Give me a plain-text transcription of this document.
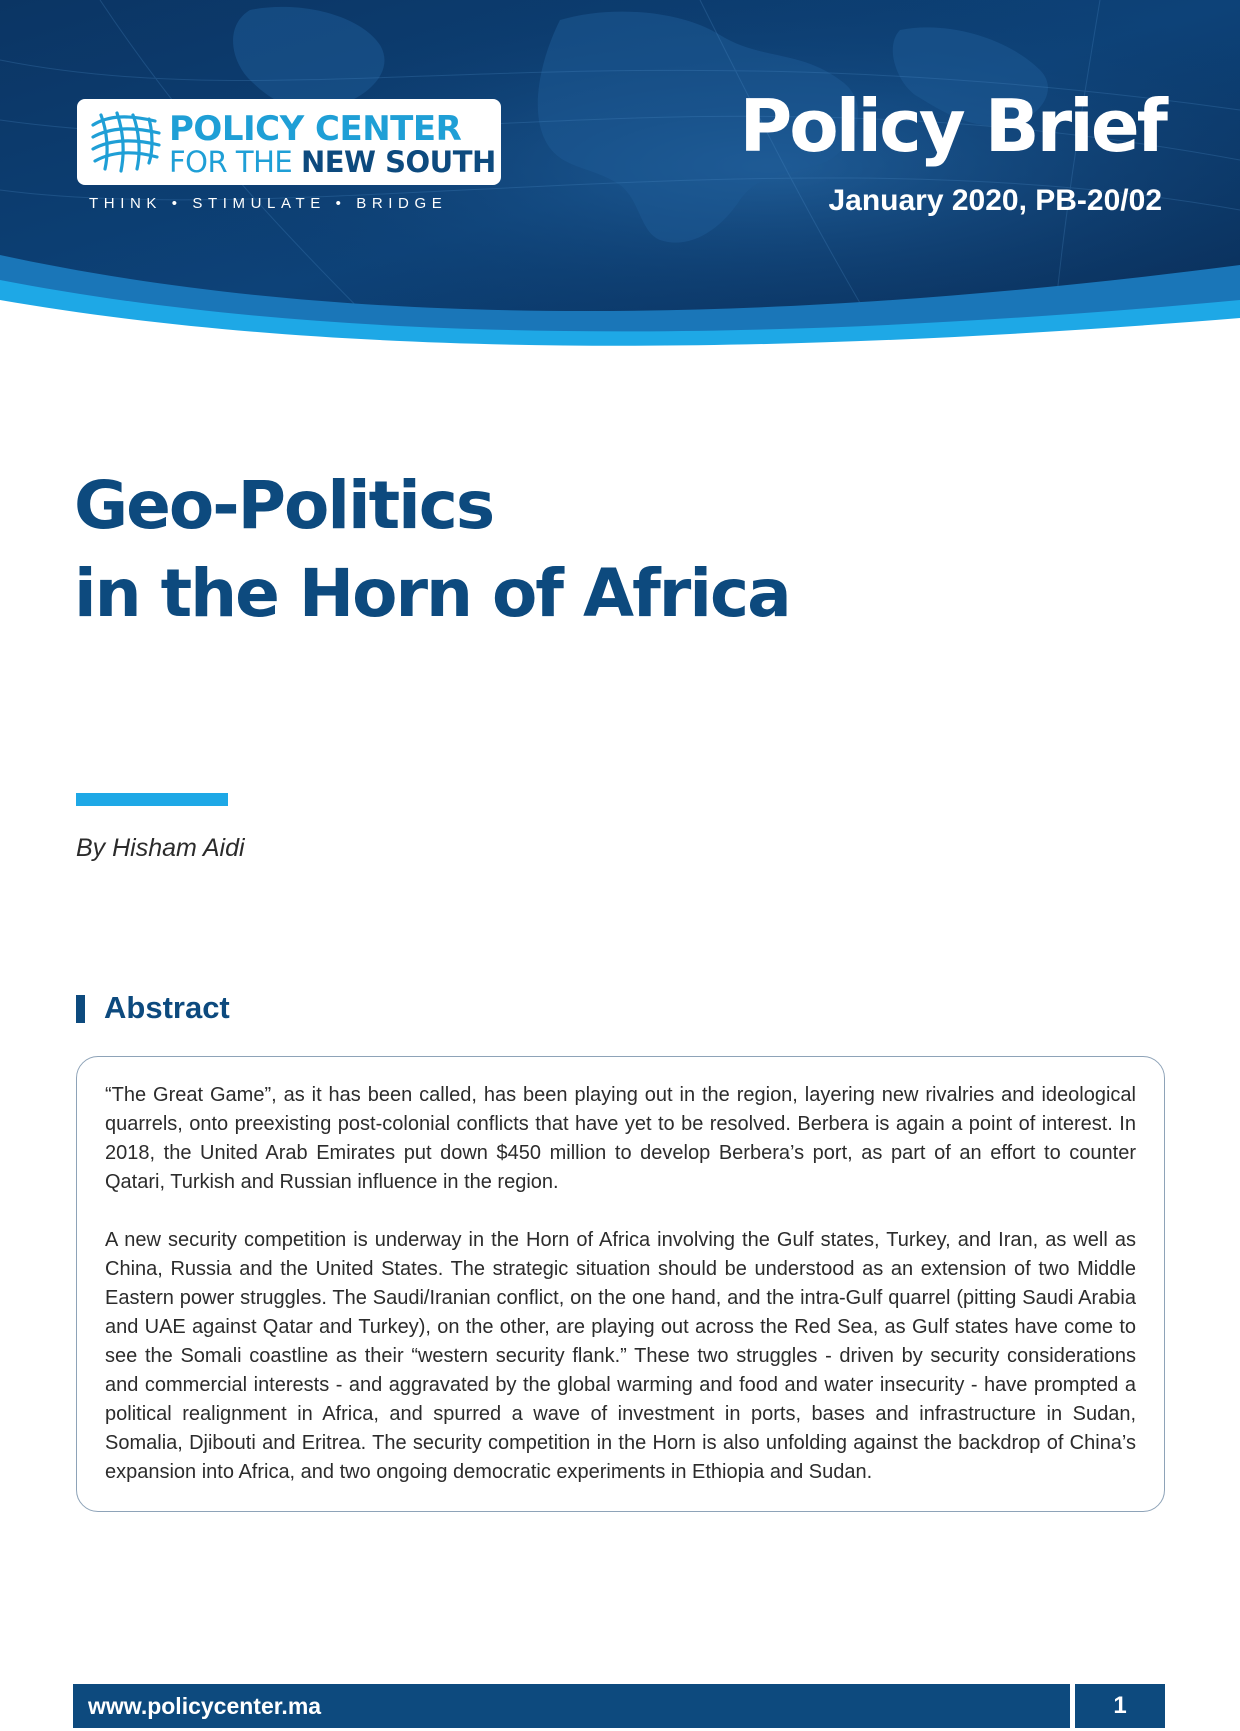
POLICY CENTER
FOR THE NEW SOUTH
THINK • STIMULATE • BRIDGE
Policy Brief
January 2020, PB-20/02
Geo-Politics
in the Horn of Africa
By Hisham Aidi
Abstract

“The Great Game”, as it has been called, has been playing out in the region, layering new rivalries and ideological quarrels, onto preexisting post-colonial conflicts that have yet to be resolved. Berbera is again a point of interest. In 2018, the United Arab Emirates put down $450 million to develop Berbera’s port, as part of an effort to counter Qatari, Turkish and Russian influence in the region.

A new security competition is underway in the Horn of Africa involving the Gulf states, Turkey, and Iran, as well as China, Russia and the United States. The strategic situation should be understood as an extension of two Middle Eastern power struggles. The Saudi/Iranian conflict, on the one hand, and the intra-Gulf quarrel (pitting Saudi Arabia and UAE against Qatar and Turkey), on the other, are playing out across the Red Sea, as Gulf states have come to see the Somali coastline as their “western security flank.” These two struggles - driven by security considerations and commercial interests - and aggravated by the global warming and food and water insecurity - have prompted a political realignment in Africa, and spurred a wave of investment in ports, bases and infrastructure in Sudan, Somalia, Djibouti and Eritrea. The security competition in the Horn is also unfolding against the backdrop of China’s expansion into Africa, and two ongoing democratic experiments in Ethiopia and Sudan.

www.policycenter.ma	1
